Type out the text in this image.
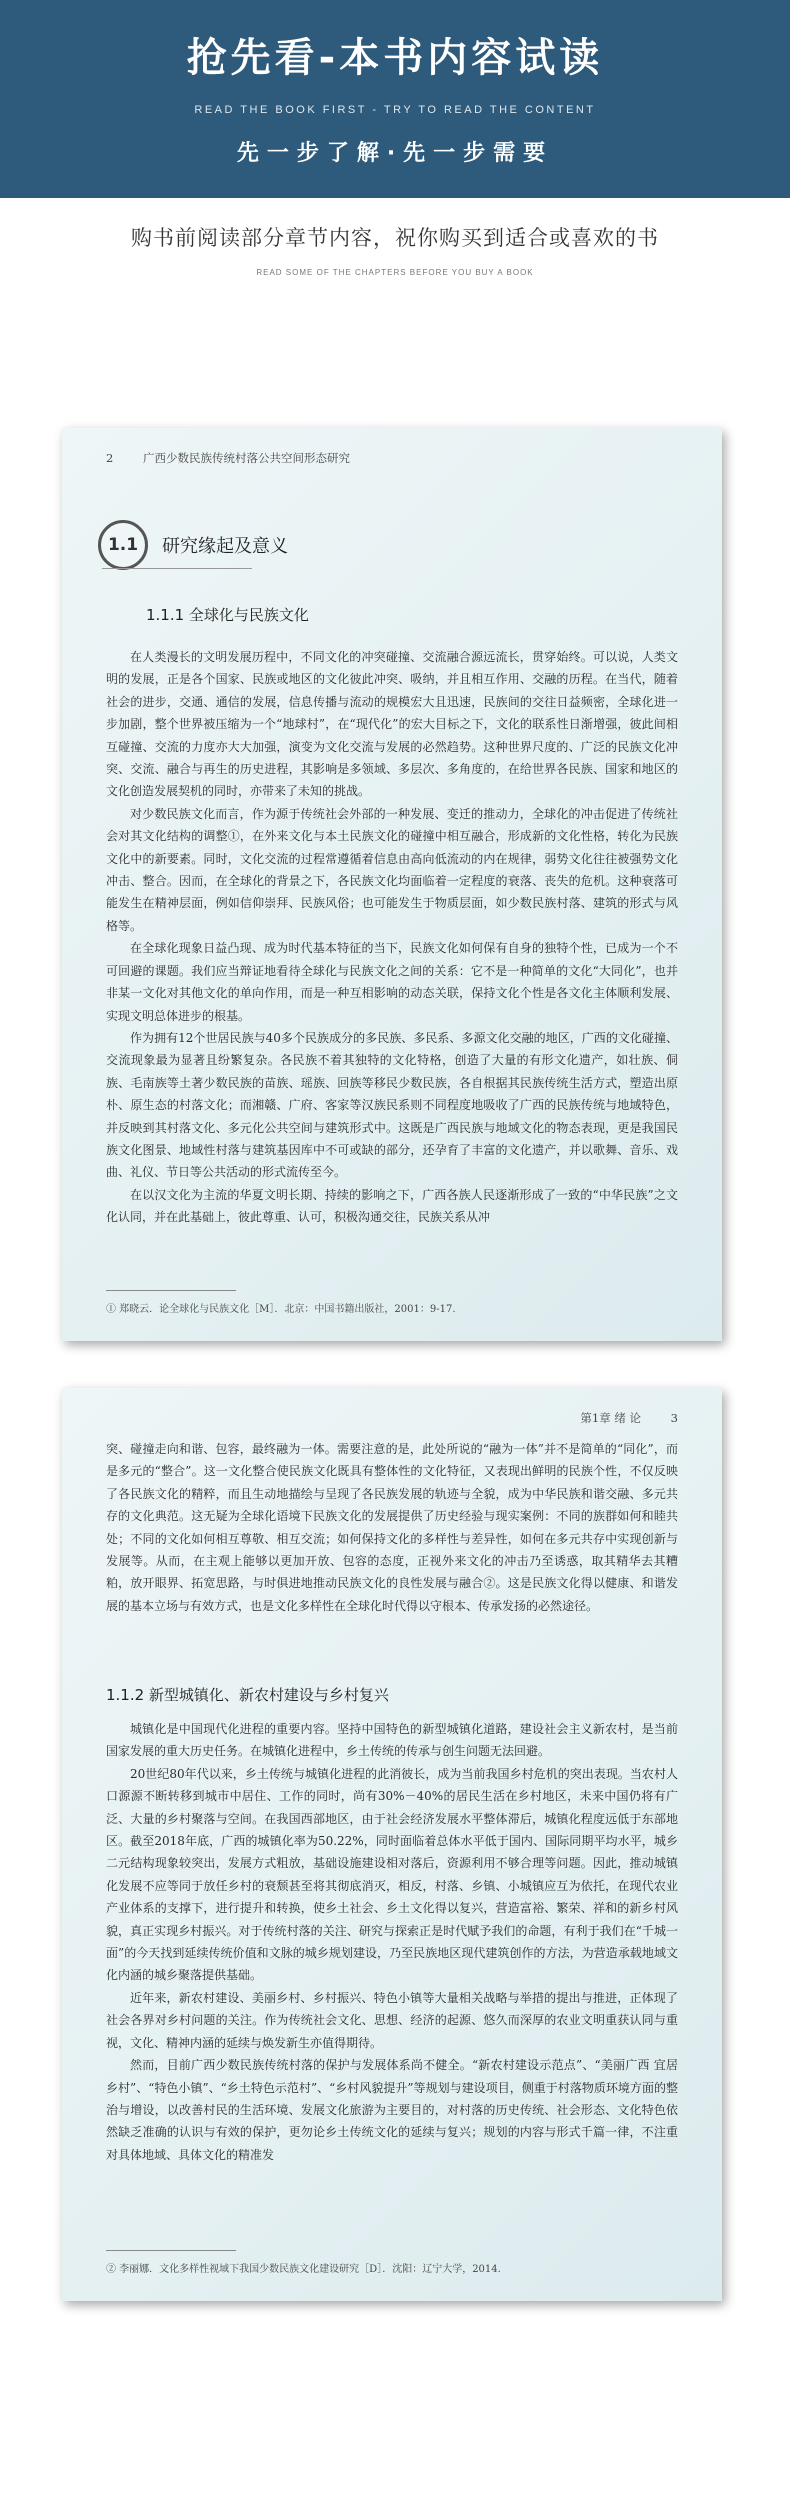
抢先看-本书内容试读
READ THE BOOK FIRST - TRY TO READ THE CONTENT
先一步了解·先一步需要
购书前阅读部分章节内容，祝你购买到适合或喜欢的书
READ SOME OF THE CHAPTERS BEFORE YOU BUY A BOOK
2	广西少数民族传统村落公共空间形态研究
1.1	研究缘起及意义
1.1.1 全球化与民族文化

在人类漫长的文明发展历程中，不同文化的冲突碰撞、交流融合源远流长，贯穿始终。可以说，人类文明的发展，正是各个国家、民族或地区的文化彼此冲突、吸纳，并且相互作用、交融的历程。在当代，随着社会的进步，交通、通信的发展，信息传播与流动的规模宏大且迅速，民族间的交往日益频密，全球化进一步加剧，整个世界被压缩为一个“地球村”，在“现代化”的宏大目标之下，文化的联系性日渐增强，彼此间相互碰撞、交流的力度亦大大加强，演变为文化交流与发展的必然趋势。这种世界尺度的、广泛的民族文化冲突、交流、融合与再生的历史进程，其影响是多领域、多层次、多角度的，在给世界各民族、国家和地区的文化创造发展契机的同时，亦带来了未知的挑战。

对少数民族文化而言，作为源于传统社会外部的一种发展、变迁的推动力，全球化的冲击促进了传统社会对其文化结构的调整①，在外来文化与本土民族文化的碰撞中相互融合，形成新的文化性格，转化为民族文化中的新要素。同时，文化交流的过程常遵循着信息由高向低流动的内在规律，弱势文化往往被强势文化冲击、整合。因而，在全球化的背景之下，各民族文化均面临着一定程度的衰落、丧失的危机。这种衰落可能发生在精神层面，例如信仰崇拜、民族风俗；也可能发生于物质层面，如少数民族村落、建筑的形式与风格等。

在全球化现象日益凸现、成为时代基本特征的当下，民族文化如何保有自身的独特个性，已成为一个不可回避的课题。我们应当辩证地看待全球化与民族文化之间的关系：它不是一种简单的文化“大同化”，也并非某一文化对其他文化的单向作用，而是一种互相影响的动态关联，保持文化个性是各文化主体顺利发展、实现文明总体进步的根基。

作为拥有12个世居民族与40多个民族成分的多民族、多民系、多源文化交融的地区，广西的文化碰撞、交流现象最为显著且纷繁复杂。各民族不着其独特的文化特格，创造了大量的有形文化遗产，如壮族、侗族、毛南族等土著少数民族的苗族、瑶族、回族等移民少数民族，各自根据其民族传统生活方式，塑造出原朴、原生态的村落文化；而湘赣、广府、客家等汉族民系则不同程度地吸收了广西的民族传统与地域特色，并反映到其村落文化、多元化公共空间与建筑形式中。这既是广西民族与地域文化的物态表现，更是我国民族文化图景、地域性村落与建筑基因库中不可或缺的部分，还孕育了丰富的文化遗产，并以歌舞、音乐、戏曲、礼仪、节日等公共活动的形式流传至今。

在以汉文化为主流的华夏文明长期、持续的影响之下，广西各族人民逐渐形成了一致的“中华民族”之文化认同，并在此基础上，彼此尊重、认可，积极沟通交往，民族关系从冲

① 郑晓云．论全球化与民族文化［M］．北京：中国书籍出版社，2001：9-17.
第1章 绪 论	3

突、碰撞走向和谐、包容，最终融为一体。需要注意的是，此处所说的“融为一体”并不是简单的“同化”，而是多元的“整合”。这一文化整合使民族文化既具有整体性的文化特征，又表现出鲜明的民族个性，不仅反映了各民族文化的精粹，而且生动地描绘与呈现了各民族发展的轨迹与全貌，成为中华民族和谐交融、多元共存的文化典范。这无疑为全球化语境下民族文化的发展提供了历史经验与现实案例：不同的族群如何和睦共处；不同的文化如何相互尊敬、相互交流；如何保持文化的多样性与差异性，如何在多元共存中实现创新与发展等。从而，在主观上能够以更加开放、包容的态度，正视外来文化的冲击乃至诱惑，取其精华去其糟粕，放开眼界、拓宽思路，与时俱进地推动民族文化的良性发展与融合②。这是民族文化得以健康、和谐发展的基本立场与有效方式，也是文化多样性在全球化时代得以守根本、传承发扬的必然途径。

1.1.2 新型城镇化、新农村建设与乡村复兴

城镇化是中国现代化进程的重要内容。坚持中国特色的新型城镇化道路，建设社会主义新农村，是当前国家发展的重大历史任务。在城镇化进程中，乡土传统的传承与创生问题无法回避。

20世纪80年代以来，乡土传统与城镇化进程的此消彼长，成为当前我国乡村危机的突出表现。当农村人口源源不断转移到城市中居住、工作的同时，尚有30%－40%的居民生活在乡村地区，未来中国仍将有广泛、大量的乡村聚落与空间。在我国西部地区，由于社会经济发展水平整体滞后，城镇化程度远低于东部地区。截至2018年底，广西的城镇化率为50.22%，同时面临着总体水平低于国内、国际同期平均水平，城乡二元结构现象较突出，发展方式粗放，基础设施建设相对落后，资源利用不够合理等问题。因此，推动城镇化发展不应等同于放任乡村的衰颓甚至将其彻底消灭，相反，村落、乡镇、小城镇应互为依托，在现代农业产业体系的支撑下，进行提升和转换，使乡土社会、乡土文化得以复兴，营造富裕、繁荣、祥和的新乡村风貌，真正实现乡村振兴。对于传统村落的关注、研究与探索正是时代赋予我们的命题，有利于我们在“千城一面”的今天找到延续传统价值和文脉的城乡规划建设，乃至民族地区现代建筑创作的方法，为营造承载地域文化内涵的城乡聚落提供基础。

近年来，新农村建设、美丽乡村、乡村振兴、特色小镇等大量相关战略与举措的提出与推进，正体现了社会各界对乡村问题的关注。作为传统社会文化、思想、经济的起源、悠久而深厚的农业文明重获认同与重视，文化、精神内涵的延续与焕发新生亦值得期待。

然而，目前广西少数民族传统村落的保护与发展体系尚不健全。“新农村建设示范点”、“美丽广西 宜居乡村”、“特色小镇”、“乡土特色示范村”、“乡村风貌提升”等规划与建设项目，侧重于村落物质环境方面的整治与增设，以改善村民的生活环境、发展文化旅游为主要目的，对村落的历史传统、社会形态、文化特色依然缺乏准确的认识与有效的保护，更勿论乡土传统文化的延续与复兴；规划的内容与形式千篇一律，不注重对具体地域、具体文化的精准发

② 李丽娜．文化多样性视域下我国少数民族文化建设研究［D］．沈阳：辽宁大学，2014.
